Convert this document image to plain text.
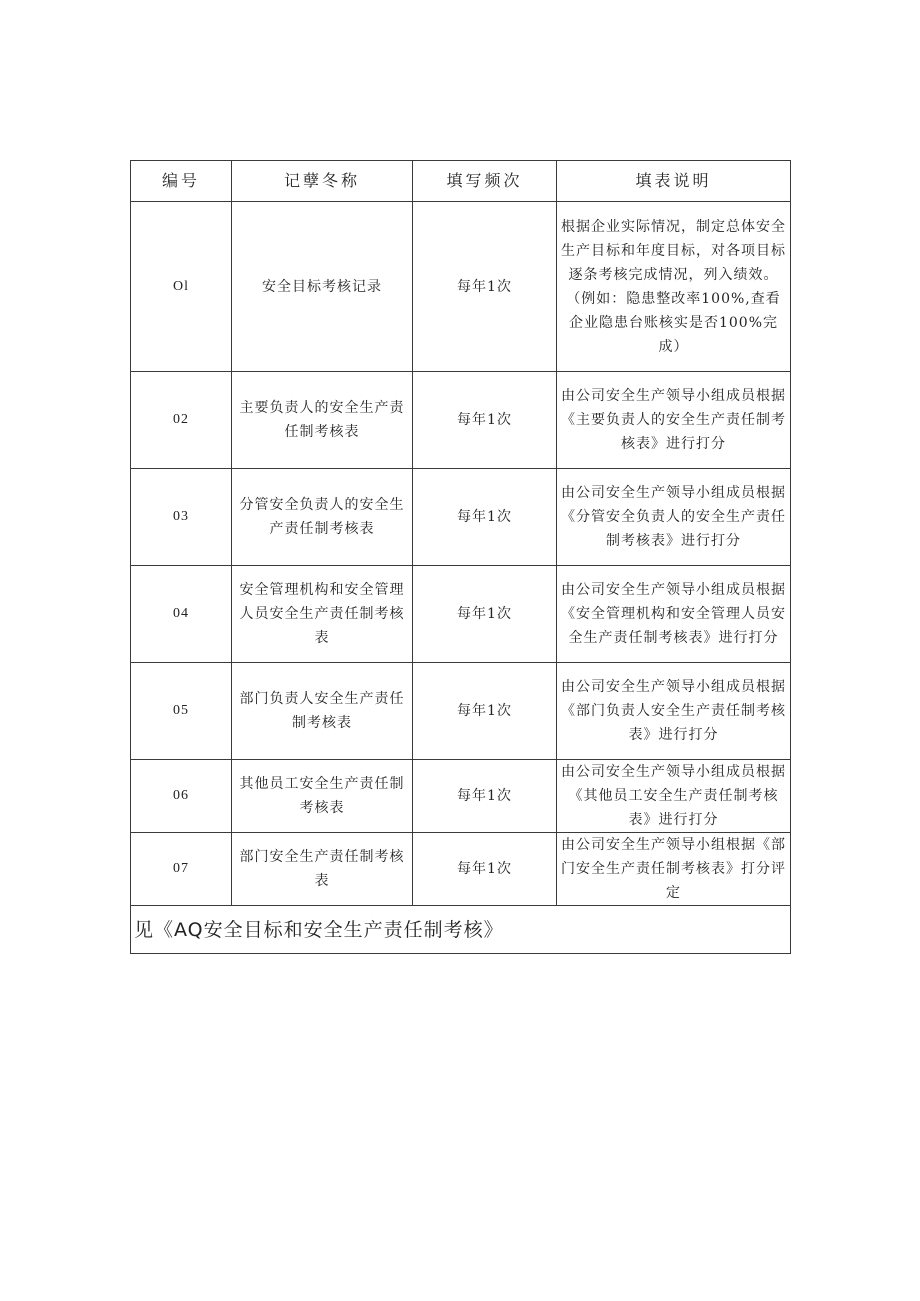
编号	记孽冬称	填写频次	填表说明
Ol	安全目标考核记录	每年1次	根据企业实际情况，制定总体安全生产目标和年度目标，对各项目标逐条考核完成情况，列入绩效。（例如：隐患整改率100%,查看企业隐患台账核实是否100%完成）
02	主要负责人的安全生产责任制考核表	每年1次	由公司安全生产领导小组成员根据《主要负责人的安全生产责任制考核表》进行打分
03	分管安全负责人的安全生产责任制考核表	每年1次	由公司安全生产领导小组成员根据《分管安全负责人的安全生产责任制考核表》进行打分
04	安全管理机构和安全管理人员安全生产责任制考核表	每年1次	由公司安全生产领导小组成员根据《安全管理机构和安全管理人员安全生产责任制考核表》进行打分
05	部门负责人安全生产责任制考核表	每年1次	由公司安全生产领导小组成员根据《部门负责人安全生产责任制考核表》进行打分
06	其他员工安全生产责任制考核表	每年1次	由公司安全生产领导小组成员根据《其他员工安全生产责任制考核表》进行打分
07	部门安全生产责任制考核表	每年1次	由公司安全生产领导小组根据《部门安全生产责任制考核表》打分评定
见《AQ安全目标和安全生产责任制考核》			
